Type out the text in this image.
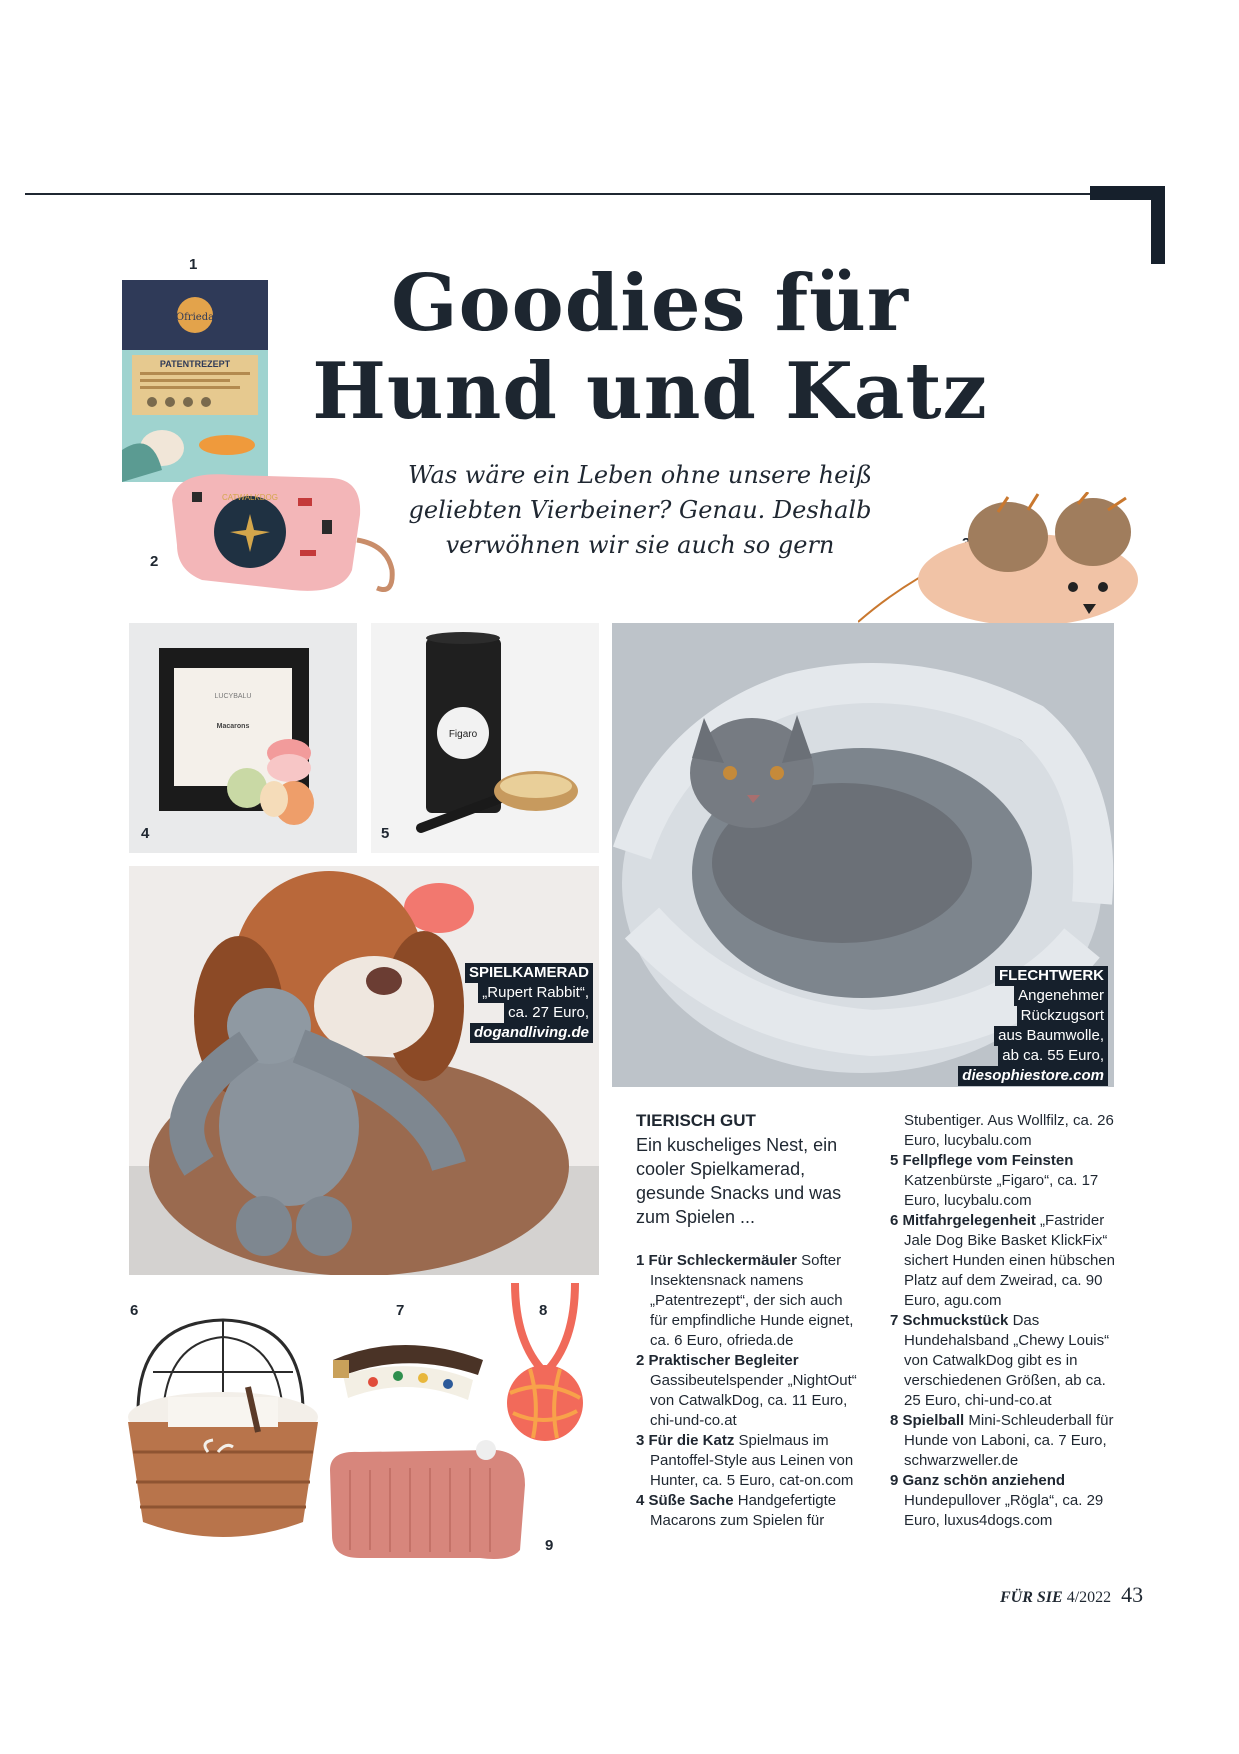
Goodies für
Hund und Katz
Was wäre ein Leben ohne unsere heiß geliebten Vierbeiner? Genau. Deshalb verwöhnen wir sie auch so gern
1
Ofrieda
PATENTREZEPT
2
CATWALKDOG
LUCYBALU
Macarons
4
Figaro
5
FLECHTWERK
Angenehmer
Rückzugsort
aus Baumwolle,
ab ca. 55 Euro,
diesophiestore.com
SPIELKAMERAD
„Rupert Rabbit“,
ca. 27 Euro,
dogandliving.de
6	7	8
9
TIERISCH GUT
Ein kuscheliges Nest, ein cooler Spielkamerad, gesunde Snacks und was zum Spielen ...
1 Für Schleckermäuler Softer Insektensnack namens „Patentrezept“, der sich auch für empfindliche Hunde eignet, ca. 6 Euro, ofrieda.de
2 Praktischer Begleiter Gassibeutelspender „NightOut“ von CatwalkDog, ca. 11 Euro, chi-und-co.at
3 Für die Katz Spielmaus im Pantoffel-Style aus Leinen von Hunter, ca. 5 Euro, cat-on.com
4 Süße Sache Handgefertigte Macarons zum Spielen für
Stubentiger. Aus Wollfilz, ca. 26 Euro, lucybalu.com
5 Fellpflege vom Feinsten Katzenbürste „Figaro“, ca. 17 Euro, lucybalu.com
6 Mitfahrgelegenheit „Fastrider Jale Dog Bike Basket KlickFix“ sichert Hunden einen hübschen Platz auf dem Zweirad, ca. 90 Euro, agu.com
7 Schmuckstück Das Hundehalsband „Chewy Louis“ von CatwalkDog gibt es in verschiedenen Größen, ab ca. 25 Euro, chi-und-co.at
8 Spielball Mini-Schleuderball für Hunde von Laboni, ca. 7 Euro, schwarzweller.de
9 Ganz schön anziehend Hundepullover „Rögla“, ca. 29 Euro, luxus4dogs.com
FÜR SIE 4/2022 43
